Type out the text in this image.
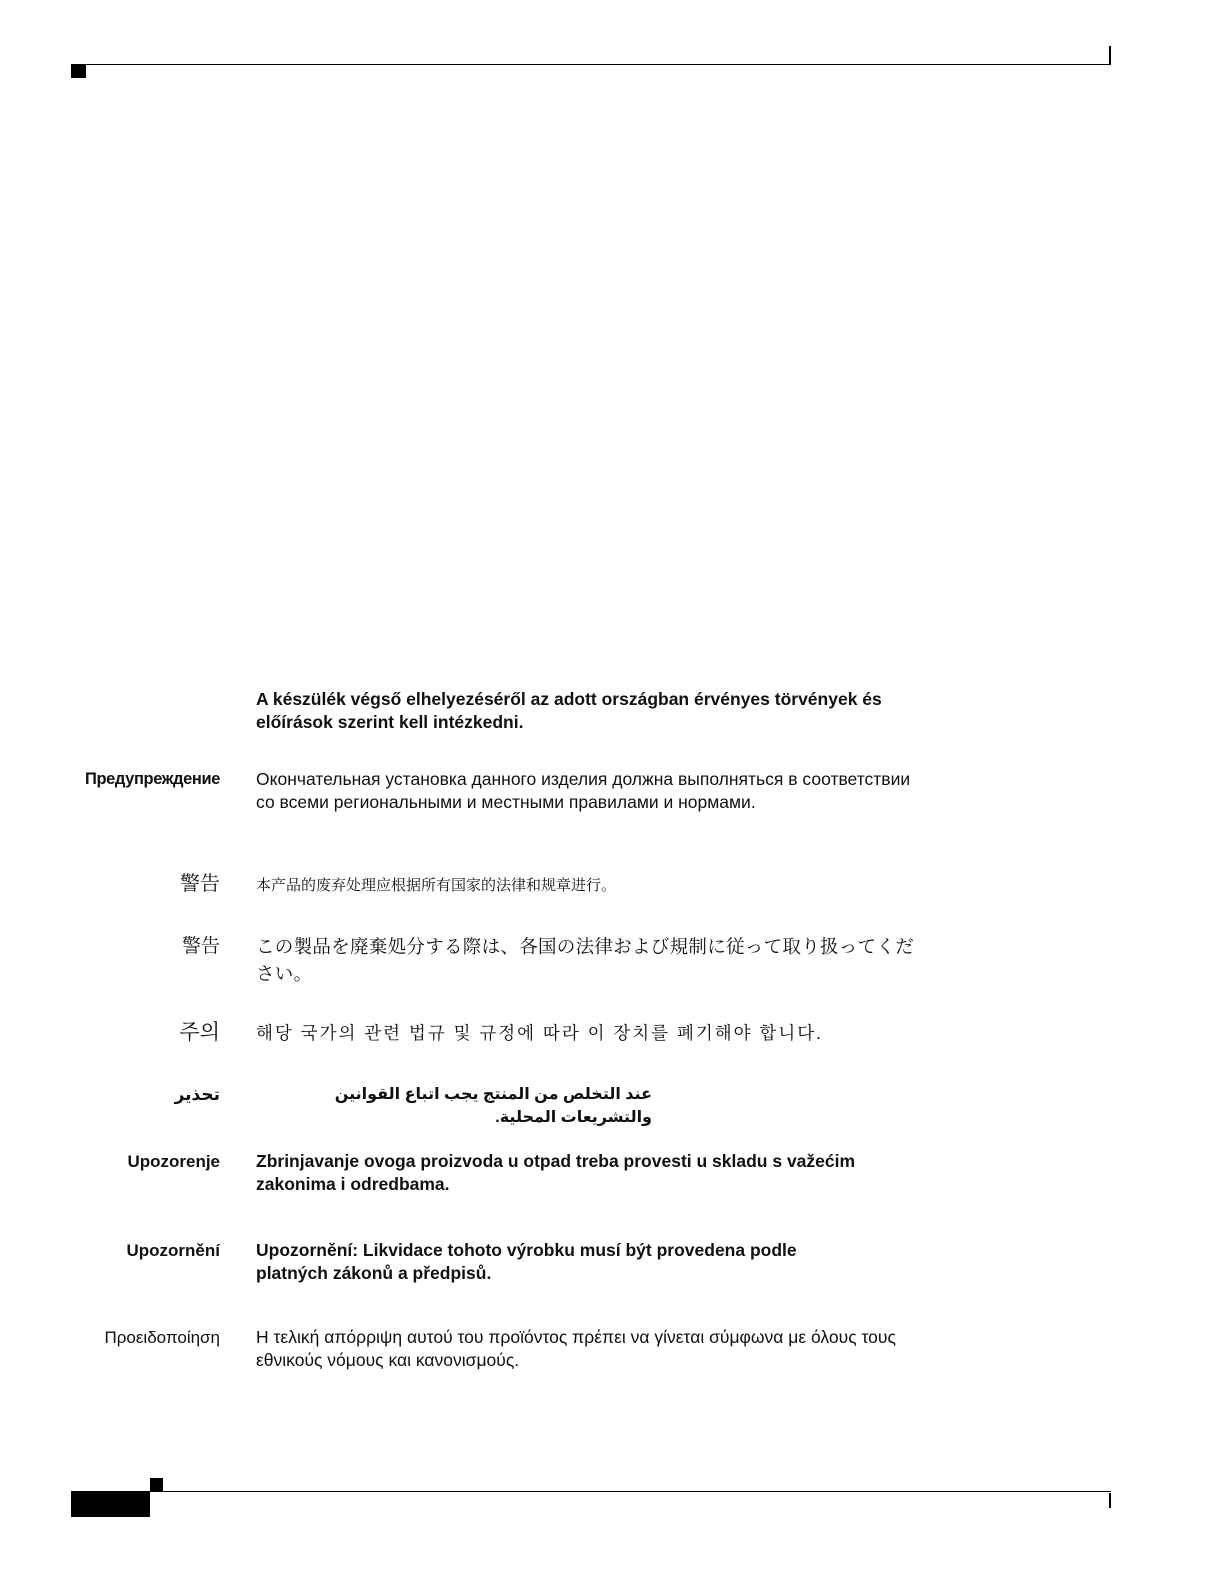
A készülék végső elhelyezéséről az adott országban érvényes törvények és előírások szerint kell intézkedni.
Предупреждение Окончательная установка данного изделия должна выполняться в соответствии со всеми региональными и местными правилами и нормами.
警告 本产品的废弃处理应根据所有国家的法律和规章进行。
警告 この製品を廃棄処分する際は、各国の法律および規制に従って取り扱ってください。
주의 해당 국가의 관련 법규 및 규정에 따라 이 장치를 폐기해야 합니다.
تحذير	عند التخلص من المنتج يجب اتباع القوانين والتشريعات المحلية.
Upozorenje Zbrinjavanje ovoga proizvoda u otpad treba provesti u skladu s važećim zakonima i odredbama.
Upozornění Upozornění: Likvidace tohoto výrobku musí být provedena podle platných zákonů a předpisů.
Προειδοποίηση Η τελική απόρριψη αυτού του προϊόντος πρέπει να γίνεται σύμφωνα με όλους τους εθνικούς νόμους και κανονισμούς.
